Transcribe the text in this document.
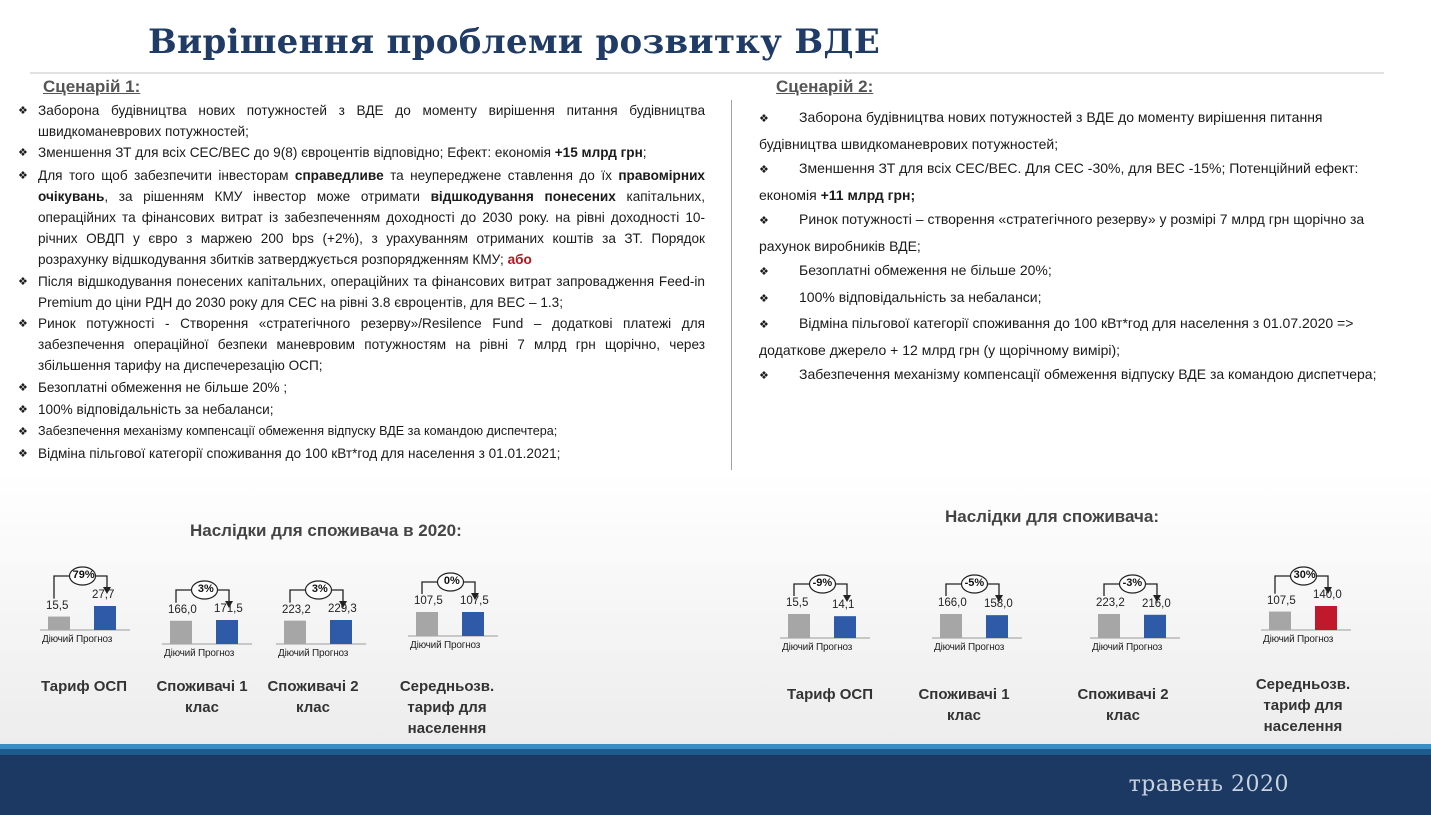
Вирішення проблеми розвитку ВДЕ
Сценарій 1:
❖ Заборона будівництва нових потужностей з ВДЕ до моменту вирішення питання будівництва швидкоманеврових потужностей;
❖ Зменшення ЗТ для всіх СЕС/ВЕС до 9(8) євроцентів відповідно; Ефект: економія +15 млрд грн;
❖ Для того щоб забезпечити інвесторам справедливе та неупереджене ставлення до їх правомірних очікувань, за рішенням КМУ інвестор може отримати відшкодування понесених капітальних, операційних та фінансових витрат із забезпеченням доходності до 2030 року. на рівні доходності 10-річних ОВДП у євро з маржею 200 bps (+2%), з урахуванням отриманих коштів за ЗТ. Порядок розрахунку відшкодування збитків затверджується розпорядженням КМУ; або
❖ Після відшкодування понесених капітальних, операційних та фінансових витрат запровадження Feed-in Premium до ціни РДН до 2030 року для СЕС на рівні 3.8 євроцентів, для ВЕС – 1.3;
❖ Ринок потужності - Створення «стратегічного резерву»/Resilence Fund – додаткові платежі для забезпечення операційної безпеки маневровим потужностям на рівні 7 млрд грн щорічно, через збільшення тарифу на диспечерезацію ОСП;
❖ Безоплатні обмеження не більше 20% ;
❖ 100% відповідальність за небаланси;
❖ Забезпечення механізму компенсації обмеження відпуску ВДЕ за командою диспечтера;
❖ Відміна пільгової категорії споживання до 100 кВт*год для населення з 01.01.2021;
Сценарій 2:
❖ Заборона будівництва нових потужностей з ВДЕ до моменту вирішення питання будівництва швидкоманеврових потужностей;
❖ Зменшення ЗТ для всіх СЕС/ВЕС. Для СЕС -30%, для ВЕС -15%; Потенційний ефект: економія +11 млрд грн;
❖ Ринок потужності – створення «стратегічного резерву» у розмірі 7 млрд грн щорічно за рахунок виробників ВДЕ;
❖ Безоплатні обмеження не більше 20%;
❖ 100% відповідальність за небаланси;
❖ Відміна пільгової категорії споживання до 100 кВт*год для населення з 01.07.2020 => додаткове джерело + 12 млрд грн (у щорічному вимірі);
❖ Забезпечення механізму компенсації обмеження відпуску ВДЕ за командою диспетчера;
Наслідки для споживача в 2020:
Наслідки для споживача:
79%
15,5
27,7
Діючий Прогноз
3%
166,0 171,5
Діючий Прогноз
3%
223,2 229,3
Діючий Прогноз
0%
107,5 107,5
Діючий Прогноз
Тариф ОСП	Споживачі 1 клас
Споживачі 2 клас
Середньозв. тариф для населення
-9%
15,5 14,1
Діючий Прогноз
-5%
166,0 158,0
Діючий Прогноз
-3%
223,2 216,0
Діючий Прогноз
30%
107,5 140,0
Діючий Прогноз
Тариф ОСП	Споживачі 1 клас
Споживачі 2 клас
Середньозв. тариф для населення
травень 2020
